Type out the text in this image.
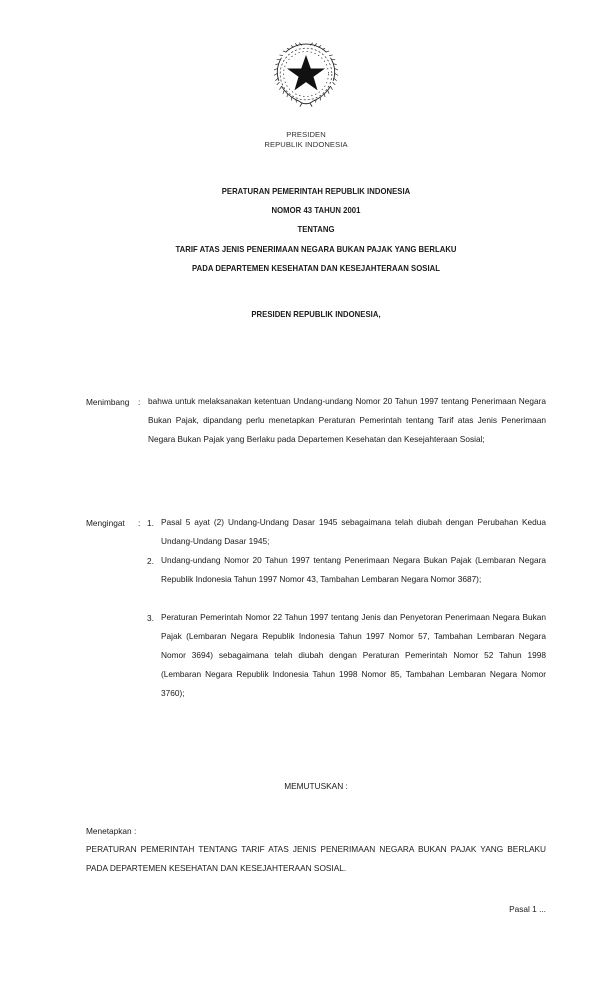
PRESIDEN
REPUBLIK INDONESIA
PERATURAN PEMERINTAH REPUBLIK INDONESIA
NOMOR 43 TAHUN 2001
TENTANG
TARIF ATAS JENIS PENERIMAAN NEGARA BUKAN PAJAK YANG BERLAKU
PADA DEPARTEMEN KESEHATAN DAN KESEJAHTERAAN SOSIAL
PRESIDEN REPUBLIK INDONESIA,
Menimbang : bahwa untuk melaksanakan ketentuan Undang-undang Nomor 20 Tahun 1997 tentang Penerimaan Negara Bukan Pajak, dipandang perlu menetapkan Peraturan Pemerintah tentang Tarif atas Jenis Penerimaan Negara Bukan Pajak yang Berlaku pada Departemen Kesehatan dan Kesejahteraan Sosial;
Mengingat : 1. Pasal 5 ayat (2) Undang-Undang Dasar 1945 sebagaimana telah diubah dengan Perubahan Kedua Undang-Undang Dasar 1945;
2. Undang-undang Nomor 20 Tahun 1997 tentang Penerimaan Negara Bukan Pajak (Lembaran Negara Republik Indonesia Tahun 1997 Nomor 43, Tambahan Lembaran Negara Nomor 3687);
3. Peraturan Pemerintah Nomor 22 Tahun 1997 tentang Jenis dan Penyetoran Penerimaan Negara Bukan Pajak (Lembaran Negara Republik Indonesia Tahun 1997 Nomor 57, Tambahan Lembaran Negara Nomor 3694) sebagaimana telah diubah dengan Peraturan Pemerintah Nomor 52 Tahun 1998 (Lembaran Negara Republik Indonesia Tahun 1998 Nomor 85, Tambahan Lembaran Negara Nomor 3760);
MEMUTUSKAN :
Menetapkan :
PERATURAN PEMERINTAH TENTANG TARIF ATAS JENIS PENERIMAAN NEGARA BUKAN PAJAK YANG BERLAKU PADA DEPARTEMEN KESEHATAN DAN KESEJAHTERAAN SOSIAL.
Pasal 1 ...
